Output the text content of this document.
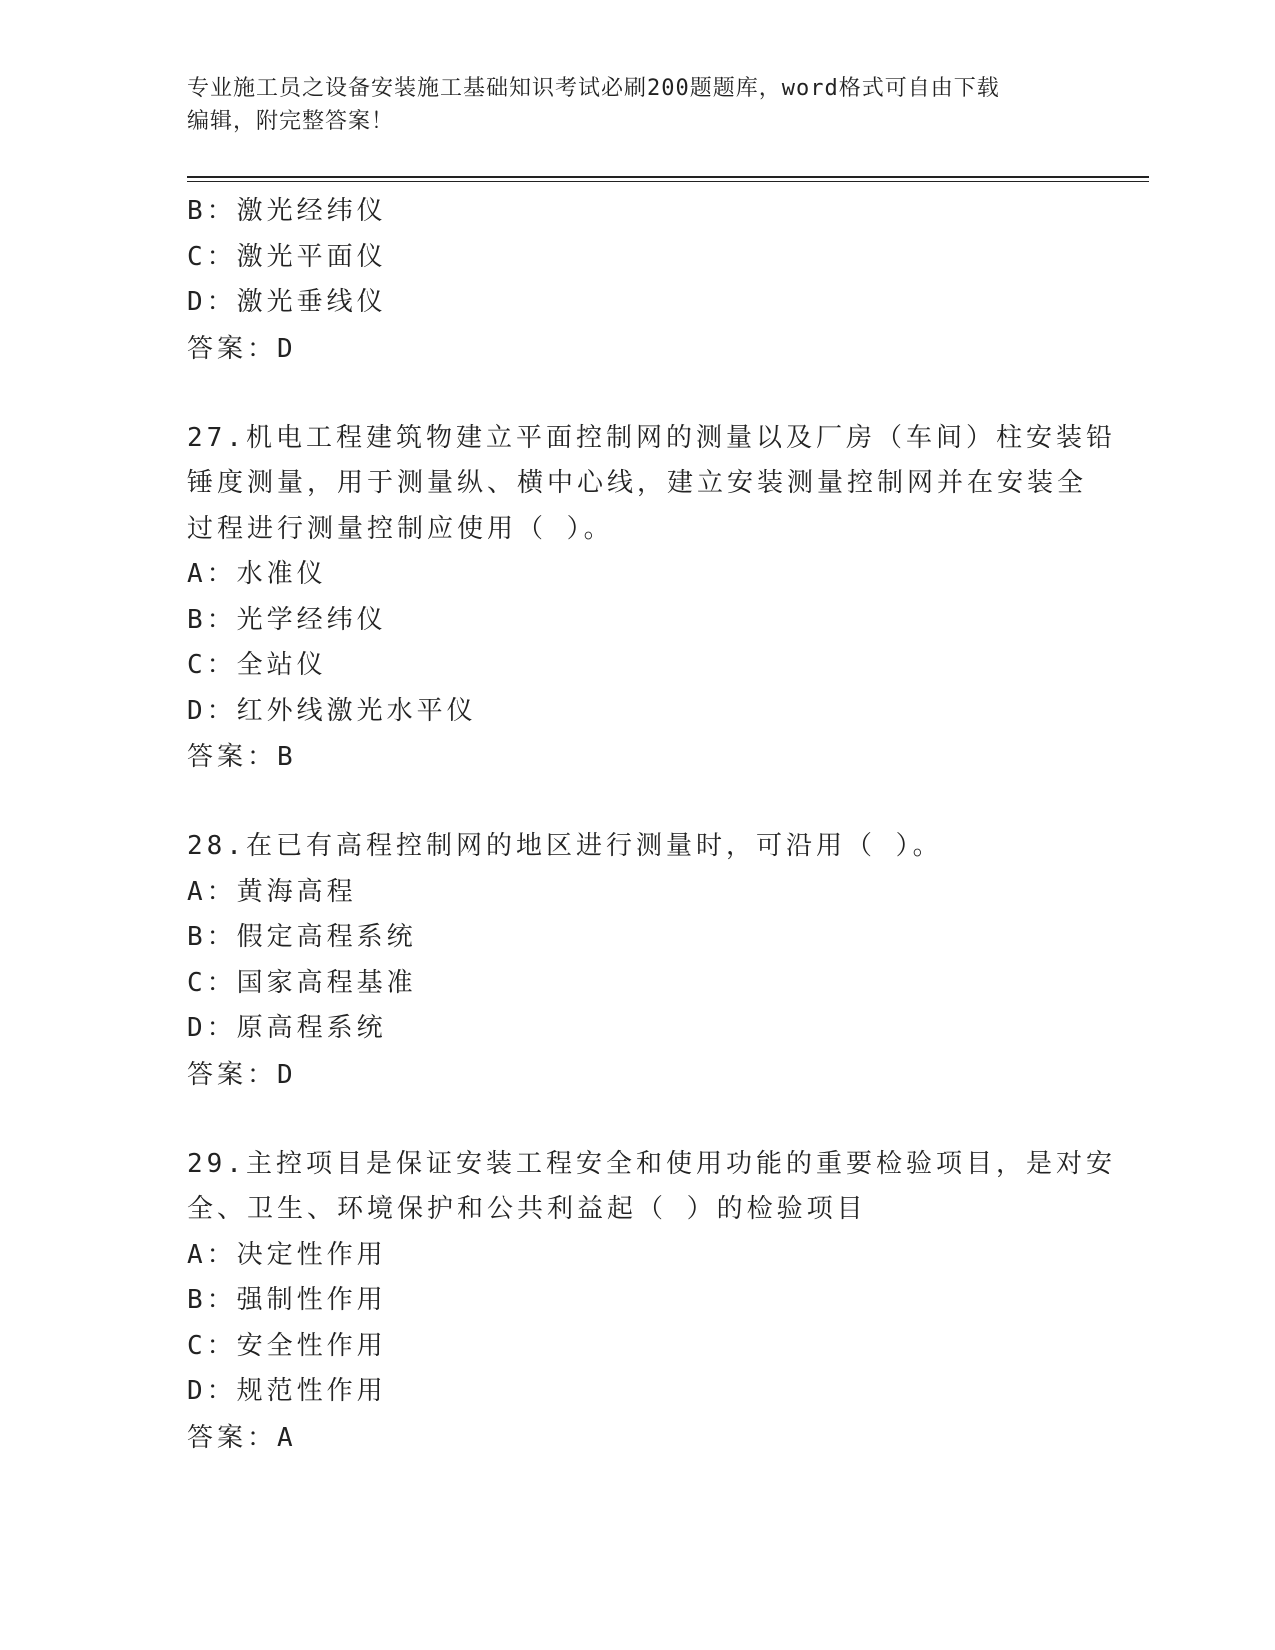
专业施工员之设备安装施工基础知识考试必刷200题题库，word格式可自由下载
编辑，附完整答案！
B：激光经纬仪
C：激光平面仪
D：激光垂线仪
答案：D
27.机电工程建筑物建立平面控制网的测量以及厂房（车间）柱安装铅
锤度测量，用于测量纵、横中心线，建立安装测量控制网并在安装全
过程进行测量控制应使用（ ）。
A：水准仪
B：光学经纬仪
C：全站仪
D：红外线激光水平仪
答案：B
28.在已有高程控制网的地区进行测量时，可沿用（ ）。
A：黄海高程
B：假定高程系统
C：国家高程基准
D：原高程系统
答案：D
29.主控项目是保证安装工程安全和使用功能的重要检验项目，是对安
全、卫生、环境保护和公共利益起（ ）的检验项目
A：决定性作用
B：强制性作用
C：安全性作用
D：规范性作用
答案：A
